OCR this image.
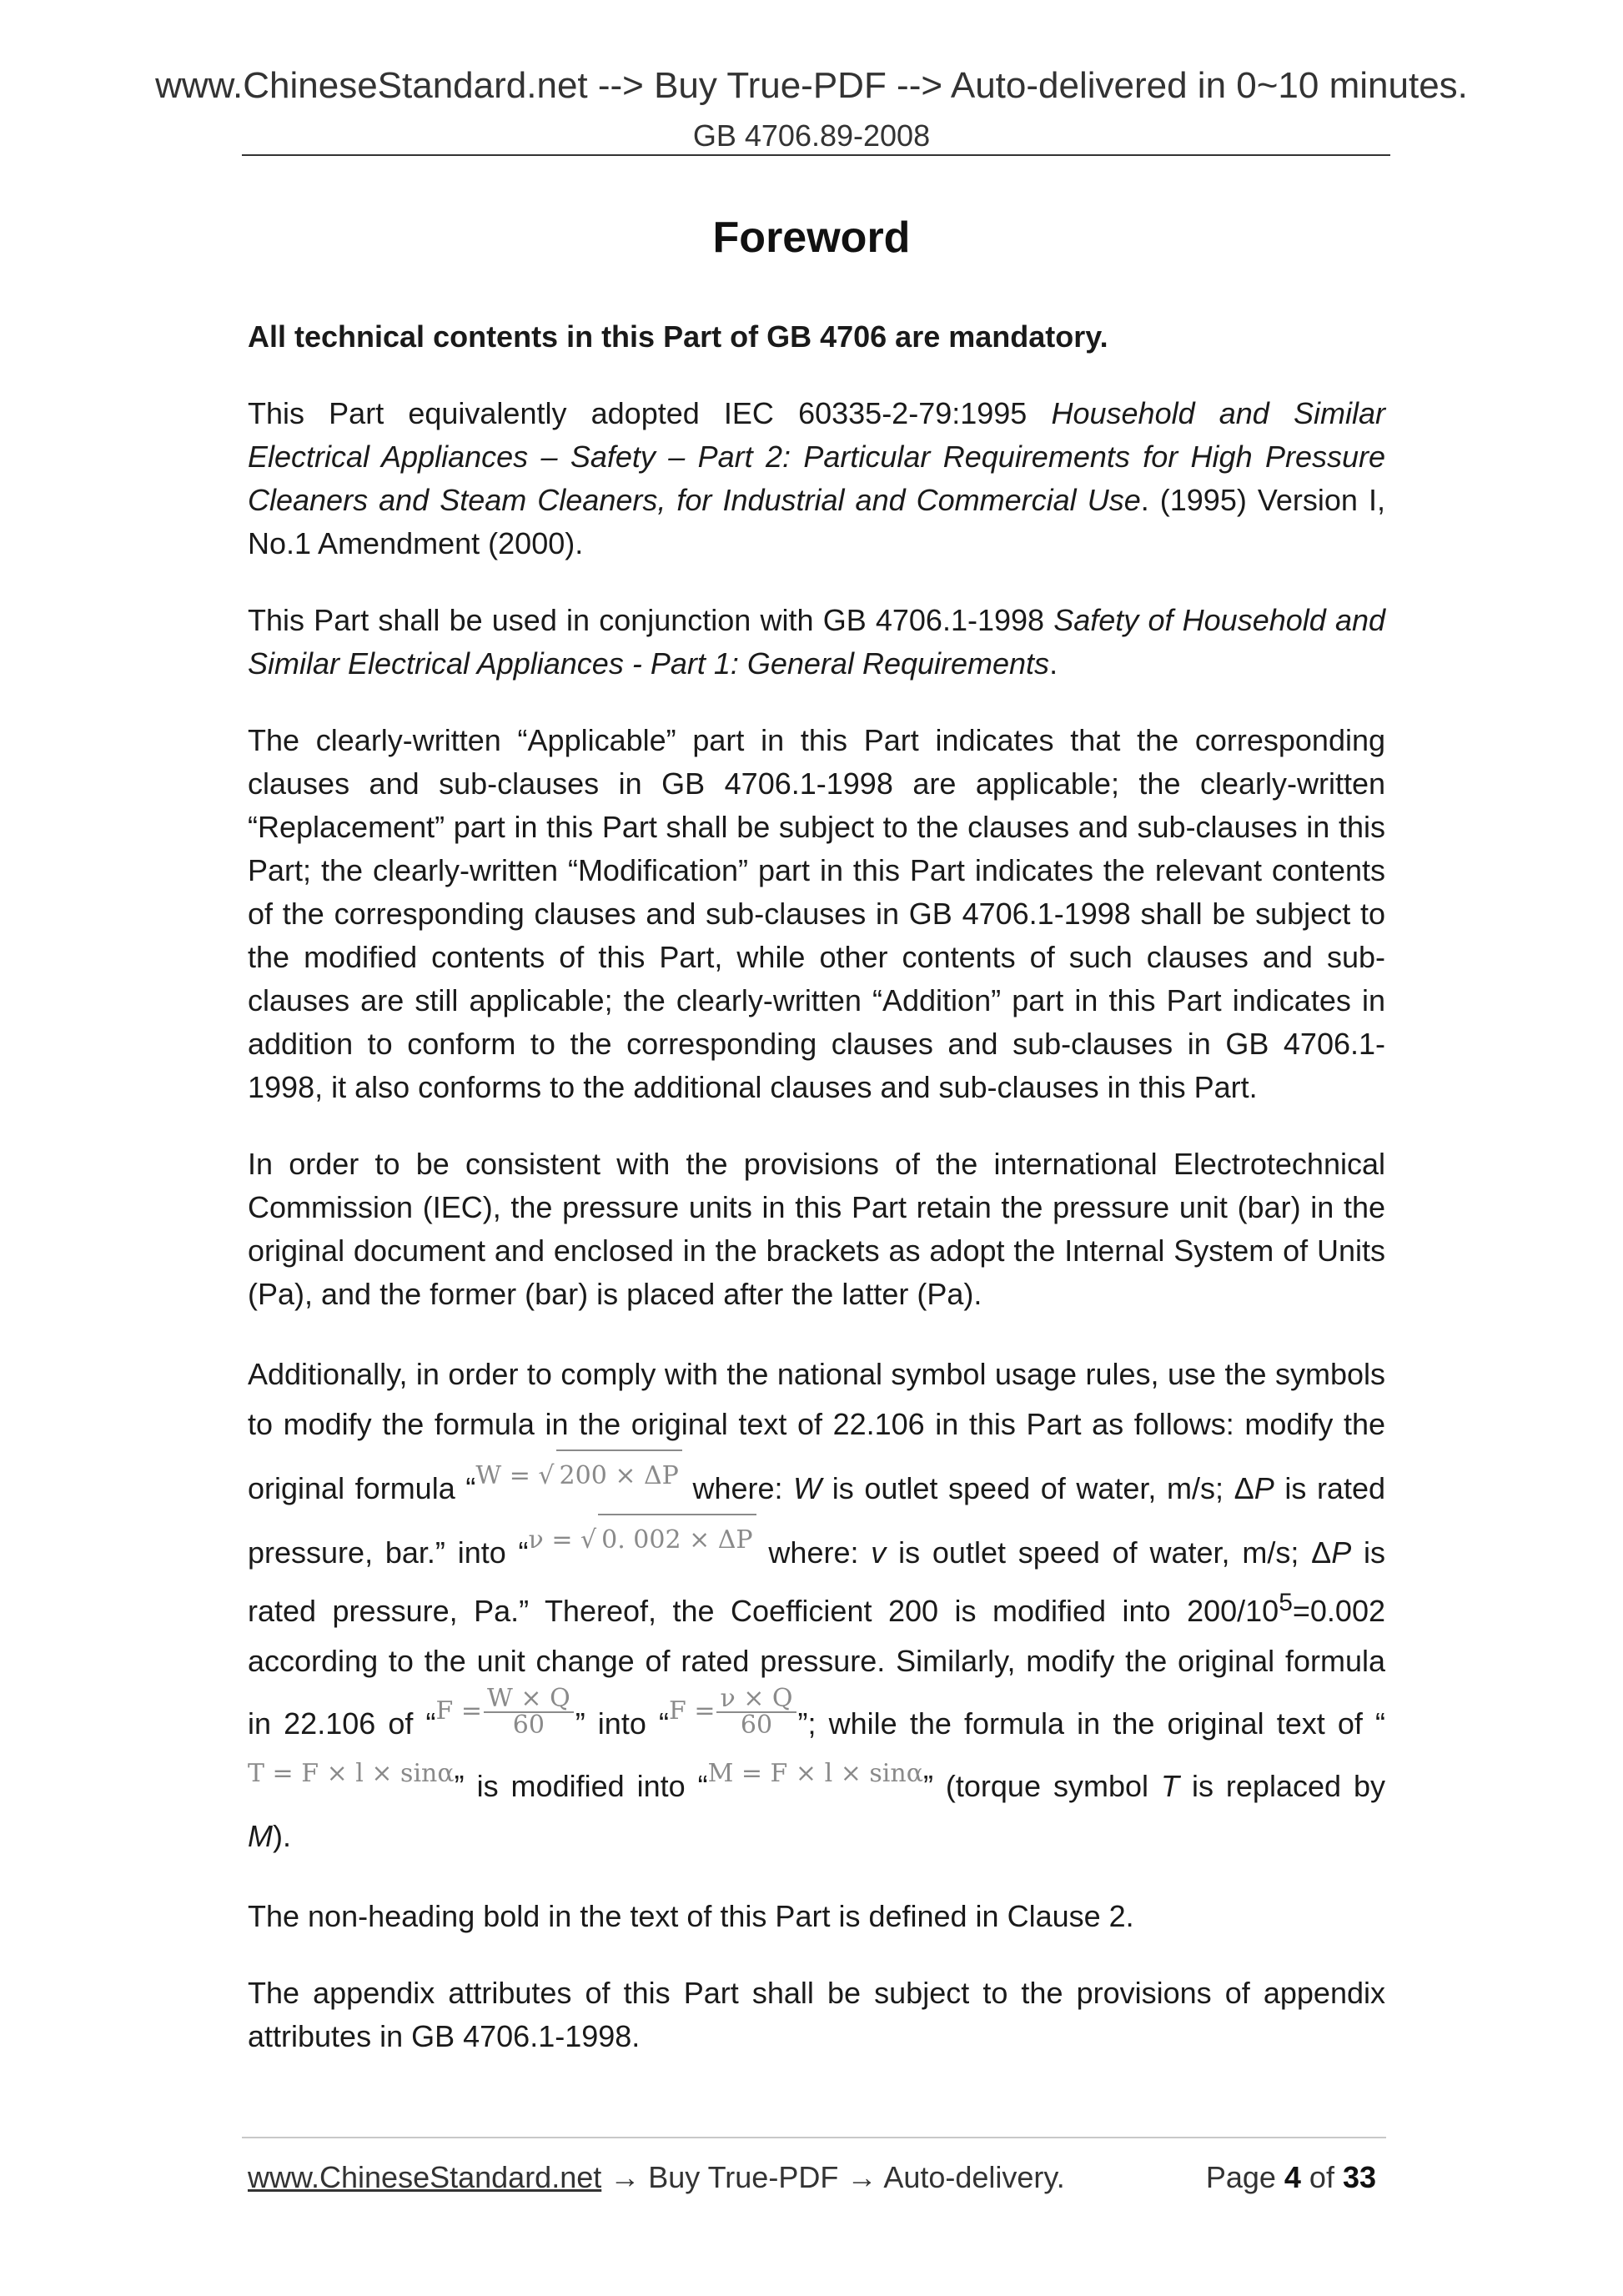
www.ChineseStandard.net --> Buy True-PDF --> Auto-delivered in 0~10 minutes.
GB 4706.89-2008
Foreword

All technical contents in this Part of GB 4706 are mandatory.

This Part equivalently adopted IEC 60335-2-79:1995 Household and Similar Electrical Appliances – Safety – Part 2: Particular Requirements for High Pressure Cleaners and Steam Cleaners, for Industrial and Commercial Use. (1995) Version I, No.1 Amendment (2000).

This Part shall be used in conjunction with GB 4706.1-1998 Safety of Household and Similar Electrical Appliances - Part 1: General Requirements.

The clearly-written “Applicable” part in this Part indicates that the corresponding clauses and sub-clauses in GB 4706.1-1998 are applicable; the clearly-written “Replacement” part in this Part shall be subject to the clauses and sub-clauses in this Part; the clearly-written “Modification” part in this Part indicates the relevant contents of the corresponding clauses and sub-clauses in GB 4706.1-1998 shall be subject to the modified contents of this Part, while other contents of such clauses and sub-clauses are still applicable; the clearly-written “Addition” part in this Part indicates in addition to conform to the corresponding clauses and sub-clauses in GB 4706.1-1998, it also conforms to the additional clauses and sub-clauses in this Part.

In order to be consistent with the provisions of the international Electrotechnical Commission (IEC), the pressure units in this Part retain the pressure unit (bar) in the original document and enclosed in the brackets as adopt the Internal System of Units (Pa), and the former (bar) is placed after the latter (Pa).

Additionally, in order to comply with the national symbol usage rules, use the symbols to modify the formula in the original text of 22.106 in this Part as follows: modify the original formula “W = √ 200 × ΔP where: W is outlet speed of water, m/s; ΔP is rated pressure, bar.” into “ν = √ 0. 002 × ΔP where: v is outlet speed of water, m/s; ΔP is rated pressure, Pa.” Thereof, the Coefficient 200 is modified into $200/10^5=0.002$ according to the unit change of rated pressure. Similarly, modify the original formula in 22.106 of “$F = \frac{W \times Q}{60}$ ” into “$F = \frac{\nu \times Q}{60}$ ”; while the formula in the original text of “T = F × l × sinα” is modified into “M = F × l × sinα” (torque symbol T is replaced by M).

The non-heading bold in the text of this Part is defined in Clause 2.

The appendix attributes of this Part shall be subject to the provisions of appendix attributes in GB 4706.1-1998.

www.ChineseStandard.net → Buy True-PDF → Auto-delivery.	Page 4 of 33
